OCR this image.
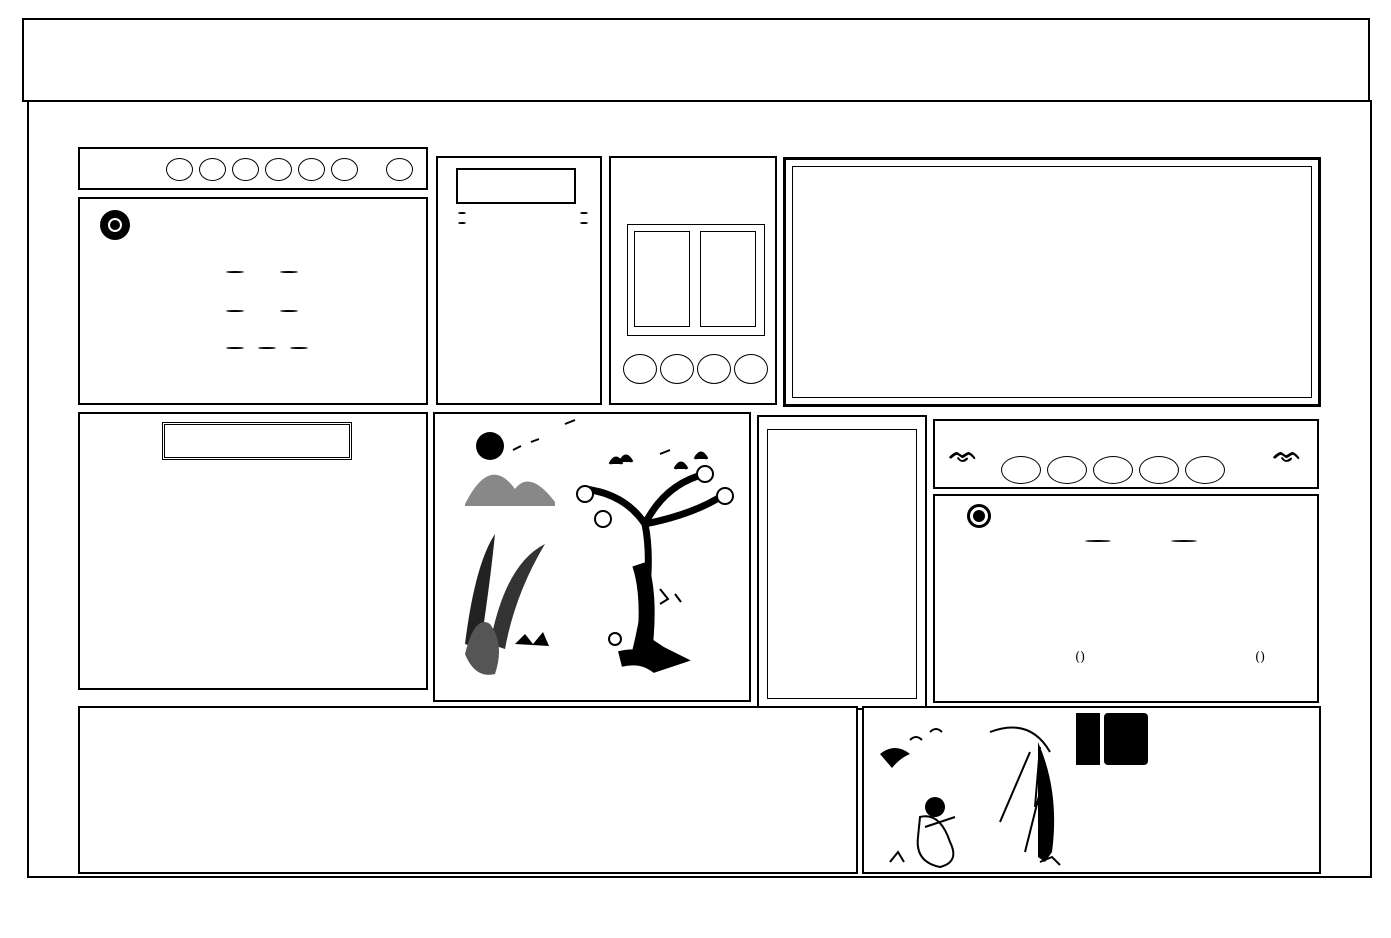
ᨎ	ᨎ
()	()
